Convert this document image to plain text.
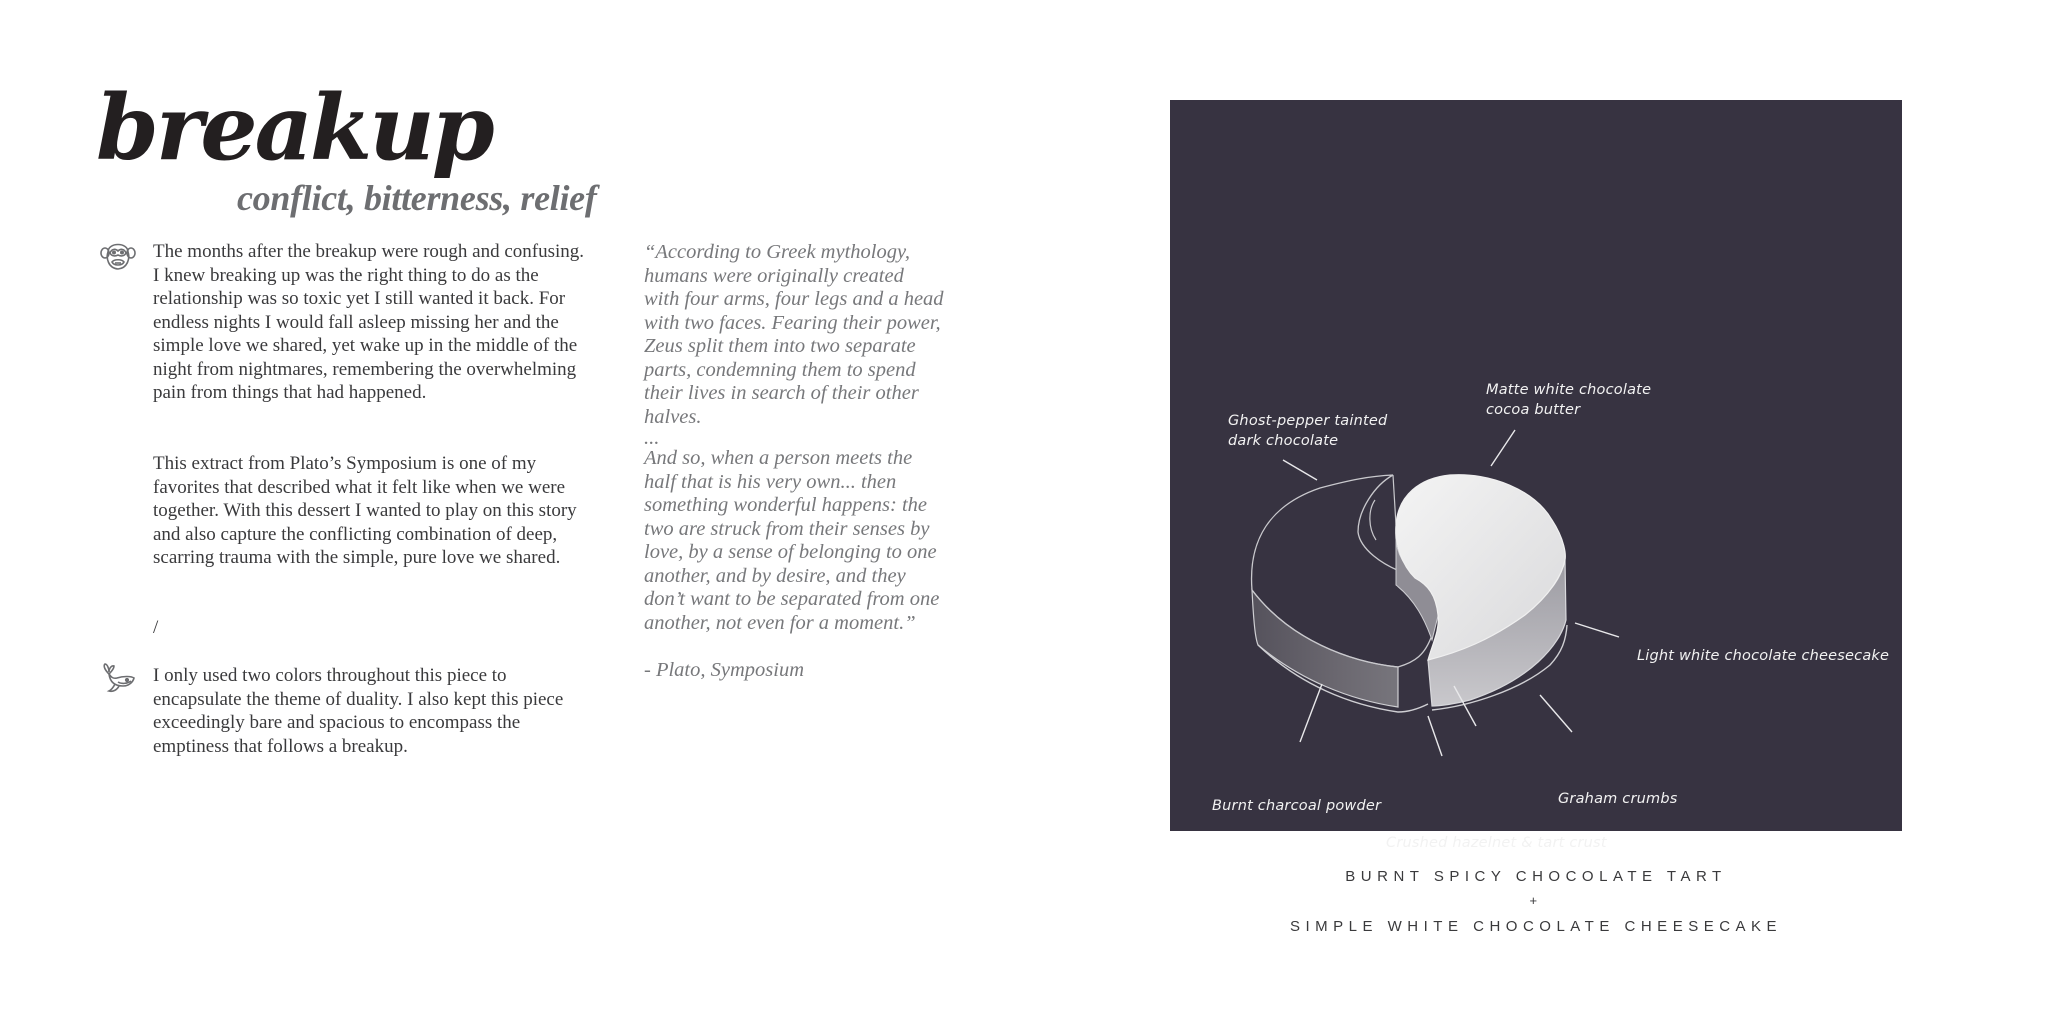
breakup
conflict, bitterness, relief

The months after the breakup were rough and confusing. I knew breaking up was the right thing to do as the relationship was so toxic yet I still wanted it back. For endless nights I would fall asleep missing her and the simple love we shared, yet wake up in the middle of the night from nightmares, remembering the overwhelming pain from things that had happened.

This extract from Plato’s Symposium is one of my favorites that described what it felt like when we were together. With this dessert I wanted to play on this story and also capture the conflicting combination of deep, scarring trauma with the simple, pure love we shared.

/

I only used two colors throughout this piece to encapsulate the theme of duality. I also kept this piece exceedingly bare and spacious to encompass the emptiness that follows a breakup.

“According to Greek mythology, humans were originally created with four arms, four legs and a head with two faces. Fearing their power, Zeus split them into two separate parts, condemning them to spend their lives in search of their other halves.

...

And so, when a person meets the half that is his very own... then something wonderful happens: the two are struck from their senses by love, by a sense of belonging to one another, and by desire, and they don’t want to be separated from one another, not even for a moment.”

- Plato, Symposium

Ghost-pepper tainted
dark chocolate
Matte white chocolate
cocoa butter
Light white chocolate cheesecake
Graham crumbs
Burnt charcoal powder
Crushed hazelnet & tart crust
BURNT SPICY CHOCOLATE TART
+
SIMPLE WHITE CHOCOLATE CHEESECAKE
